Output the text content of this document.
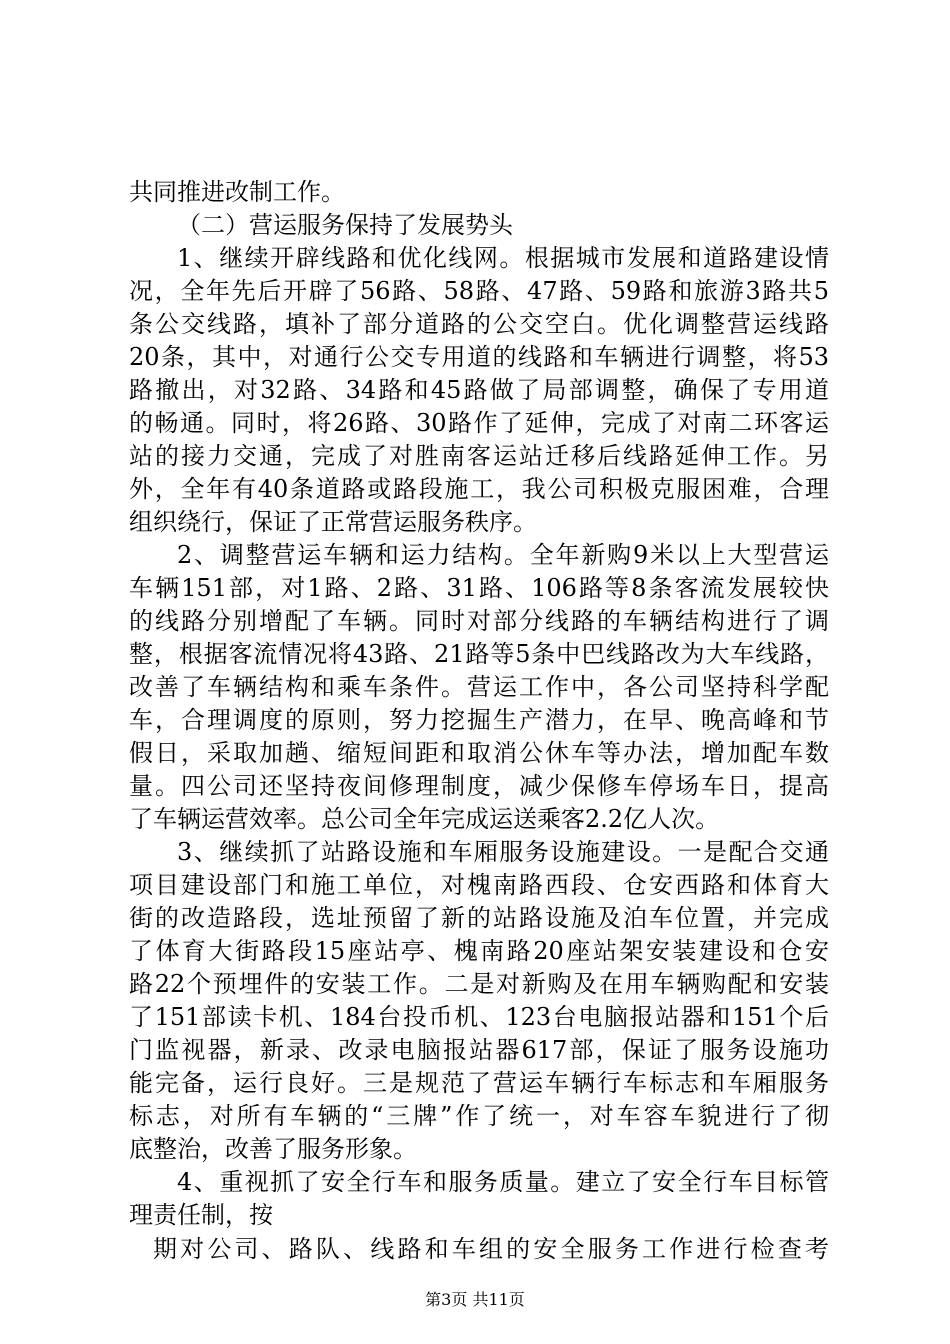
共同推进改制工作。
（二）营运服务保持了发展势头
1、继续开辟线路和优化线网。根据城市发展和道路建设情
况，全年先后开辟了56路、58路、47路、59路和旅游3路共5
条公交线路，填补了部分道路的公交空白。优化调整营运线路
20条，其中，对通行公交专用道的线路和车辆进行调整，将53
路撤出，对32路、34路和45路做了局部调整，确保了专用道
的畅通。同时，将26路、30路作了延伸，完成了对南二环客运
站的接力交通，完成了对胜南客运站迁移后线路延伸工作。另
外，全年有40条道路或路段施工，我公司积极克服困难，合理
组织绕行，保证了正常营运服务秩序。
2、调整营运车辆和运力结构。全年新购9米以上大型营运
车辆151部，对1路、2路、31路、106路等8条客流发展较快
的线路分别增配了车辆。同时对部分线路的车辆结构进行了调
整，根据客流情况将43路、21路等5条中巴线路改为大车线路，
改善了车辆结构和乘车条件。营运工作中，各公司坚持科学配
车，合理调度的原则，努力挖掘生产潜力，在早、晚高峰和节
假日，采取加趟、缩短间距和取消公休车等办法，增加配车数
量。四公司还坚持夜间修理制度，减少保修车停场车日，提高
了车辆运营效率。总公司全年完成运送乘客2.2亿人次。
3、继续抓了站路设施和车厢服务设施建设。一是配合交通
项目建设部门和施工单位，对槐南路西段、仓安西路和体育大
街的改造路段，选址预留了新的站路设施及泊车位置，并完成
了体育大街路段15座站亭、槐南路20座站架安装建设和仓安
路22个预埋件的安装工作。二是对新购及在用车辆购配和安装
了151部读卡机、184台投币机、123台电脑报站器和151个后
门监视器，新录、改录电脑报站器617部，保证了服务设施功
能完备，运行良好。三是规范了营运车辆行车标志和车厢服务
标志，对所有车辆的“三牌”作了统一，对车容车貌进行了彻
底整治，改善了服务形象。
4、重视抓了安全行车和服务质量。建立了安全行车目标管
理责任制，按
期对公司、路队、线路和车组的安全服务工作进行检查考
第3页 共11页
